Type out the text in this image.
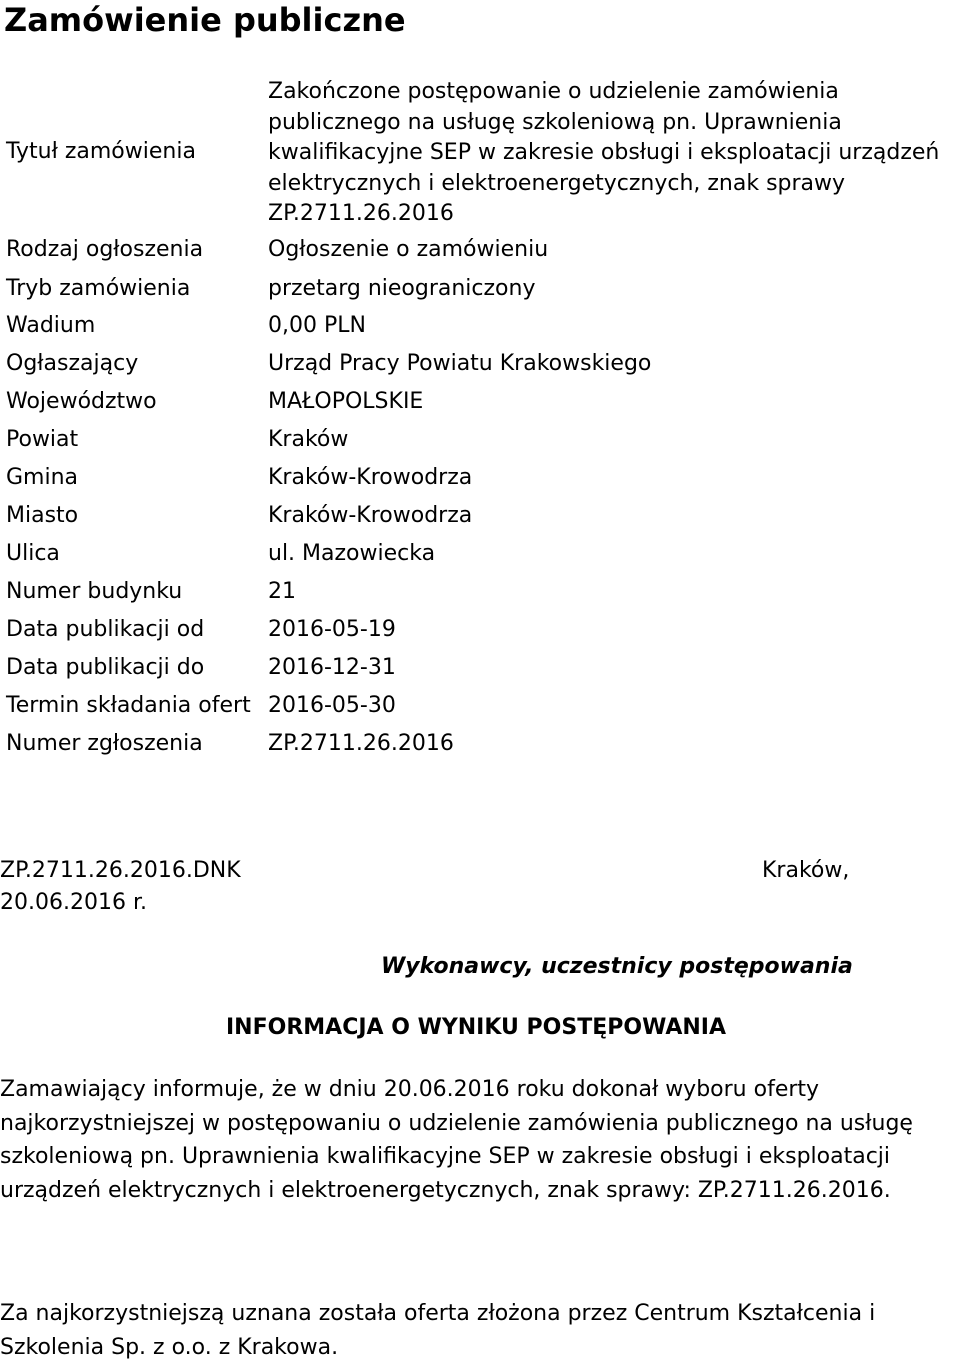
Zamówienie publiczne
Tytuł zamówienia
Zakończone postępowanie o udzielenie zamówienia publicznego na usługę szkoleniową pn. Uprawnienia kwalifikacyjne SEP w zakresie obsługi i eksploatacji urządzeń elektrycznych i elektroenergetycznych, znak sprawy ZP.2711.26.2016
Rodzaj ogłoszenia	Ogłoszenie o zamówieniu
Tryb zamówienia	przetarg nieograniczony
Wadium	0,00 PLN
Ogłaszający	Urząd Pracy Powiatu Krakowskiego
Województwo	MAŁOPOLSKIE
Powiat	Kraków
Gmina	Kraków-Krowodrza
Miasto	Kraków-Krowodrza
Ulica	ul. Mazowiecka
Numer budynku	21
Data publikacji od	2016-05-19
Data publikacji do	2016-12-31
Termin składania ofert 2016-05-30
Numer zgłoszenia	ZP.2711.26.2016
ZP.2711.26.2016.DNK	Kraków,
20.06.2016 r.
Wykonawcy, uczestnicy postępowania
INFORMACJA O WYNIKU POSTĘPOWANIA
Zamawiający informuje, że w dniu 20.06.2016 roku dokonał wyboru oferty najkorzystniejszej w postępowaniu o udzielenie zamówienia publicznego na usługę szkoleniową pn. Uprawnienia kwalifikacyjne SEP w zakresie obsługi i eksploatacji urządzeń elektrycznych i elektroenergetycznych, znak sprawy: ZP.2711.26.2016.
Za najkorzystniejszą uznana została oferta złożona przez Centrum Kształcenia i Szkolenia Sp. z o.o. z Krakowa.
